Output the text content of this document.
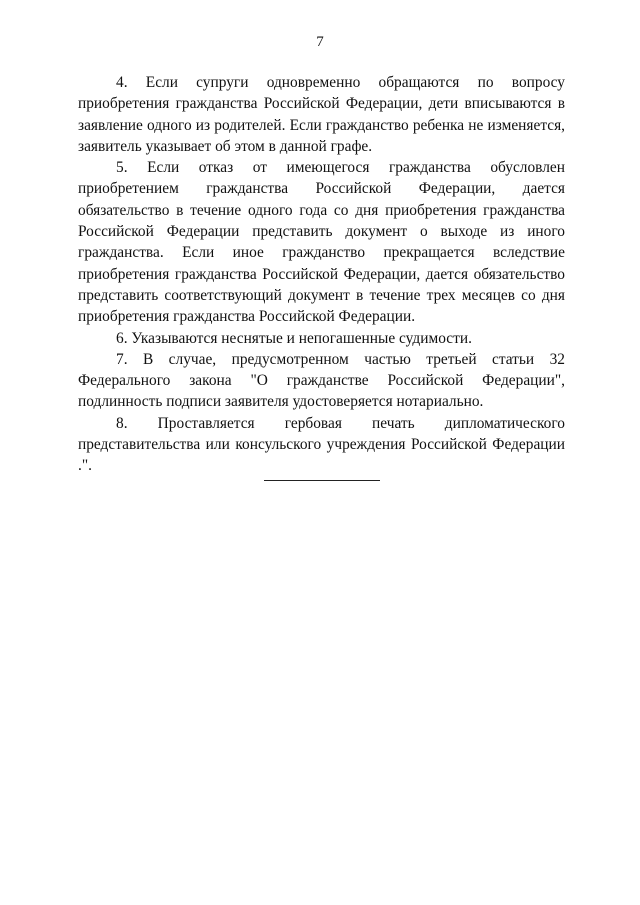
7

4. Если супруги одновременно обращаются по вопросу приобретения гражданства Российской Федерации, дети вписываются в заявление одного из родителей. Если гражданство ребенка не изменяется, заявитель указывает об этом в данной графе.

5. Если отказ от имеющегося гражданства обусловлен приобретением гражданства Российской Федерации, дается обязательство в течение одного года со дня приобретения гражданства Российской Федерации представить документ о выходе из иного гражданства. Если иное гражданство прекращается вследствие приобретения гражданства Российской Федерации, дается обязательство представить соответствующий документ в течение трех месяцев со дня приобретения гражданства Российской Федерации.

6. Указываются неснятые и непогашенные судимости.

7. В случае, предусмотренном частью третьей статьи 32 Федерального закона "О гражданстве Российской Федерации", подлинность подписи заявителя удостоверяется нотариально.

8. Проставляется гербовая печать дипломатического представительства или консульского учреждения Российской Федерации .".
